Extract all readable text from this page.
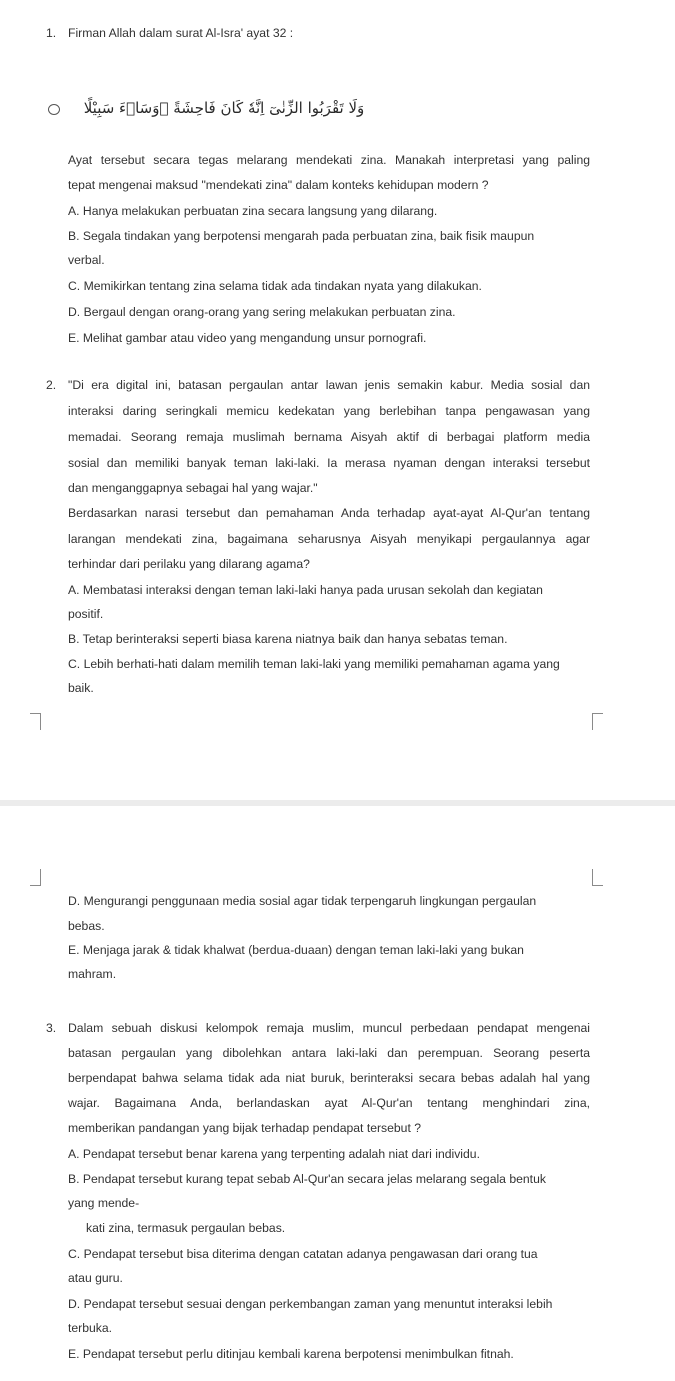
1. Firman Allah dalam surat Al-Isra' ayat 32 :
وَلَا تَقْرَبُوا الزِّنٰىٓ اِنَّهٗ كَانَ فَاحِشَةً ۗوَسَاۤءَ سَبِيْلًا
Ayat tersebut secara tegas melarang mendekati zina. Manakah interpretasi yang paling
tepat mengenai maksud "mendekati zina" dalam konteks kehidupan modern ?
A. Hanya melakukan perbuatan zina secara langsung yang dilarang.
B. Segala tindakan yang berpotensi mengarah pada perbuatan zina, baik fisik maupun
verbal.
C. Memikirkan tentang zina selama tidak ada tindakan nyata yang dilakukan.
D. Bergaul dengan orang-orang yang sering melakukan perbuatan zina.
E. Melihat gambar atau video yang mengandung unsur pornografi.
2. "Di era digital ini, batasan pergaulan antar lawan jenis semakin kabur. Media sosial dan
interaksi daring seringkali memicu kedekatan yang berlebihan tanpa pengawasan yang
memadai. Seorang remaja muslimah bernama Aisyah aktif di berbagai platform media
sosial dan memiliki banyak teman laki-laki. Ia merasa nyaman dengan interaksi tersebut
dan menganggapnya sebagai hal yang wajar."
Berdasarkan narasi tersebut dan pemahaman Anda terhadap ayat-ayat Al-Qur'an tentang
larangan mendekati zina, bagaimana seharusnya Aisyah menyikapi pergaulannya agar
terhindar dari perilaku yang dilarang agama?
A. Membatasi interaksi dengan teman laki-laki hanya pada urusan sekolah dan kegiatan
positif.
B. Tetap berinteraksi seperti biasa karena niatnya baik dan hanya sebatas teman.
C. Lebih berhati-hati dalam memilih teman laki-laki yang memiliki pemahaman agama yang
baik.
D. Mengurangi penggunaan media sosial agar tidak terpengaruh lingkungan pergaulan
bebas.
E. Menjaga jarak & tidak khalwat (berdua-duaan) dengan teman laki-laki yang bukan
mahram.
3. Dalam sebuah diskusi kelompok remaja muslim, muncul perbedaan pendapat mengenai
batasan pergaulan yang dibolehkan antara laki-laki dan perempuan. Seorang peserta
berpendapat bahwa selama tidak ada niat buruk, berinteraksi secara bebas adalah hal yang
wajar. Bagaimana Anda, berlandaskan ayat Al-Qur'an tentang menghindari zina,
memberikan pandangan yang bijak terhadap pendapat tersebut ?
A. Pendapat tersebut benar karena yang terpenting adalah niat dari individu.
B. Pendapat tersebut kurang tepat sebab Al-Qur'an secara jelas melarang segala bentuk
yang mende-
kati zina, termasuk pergaulan bebas.
C. Pendapat tersebut bisa diterima dengan catatan adanya pengawasan dari orang tua
atau guru.
D. Pendapat tersebut sesuai dengan perkembangan zaman yang menuntut interaksi lebih
terbuka.
E. Pendapat tersebut perlu ditinjau kembali karena berpotensi menimbulkan fitnah.
